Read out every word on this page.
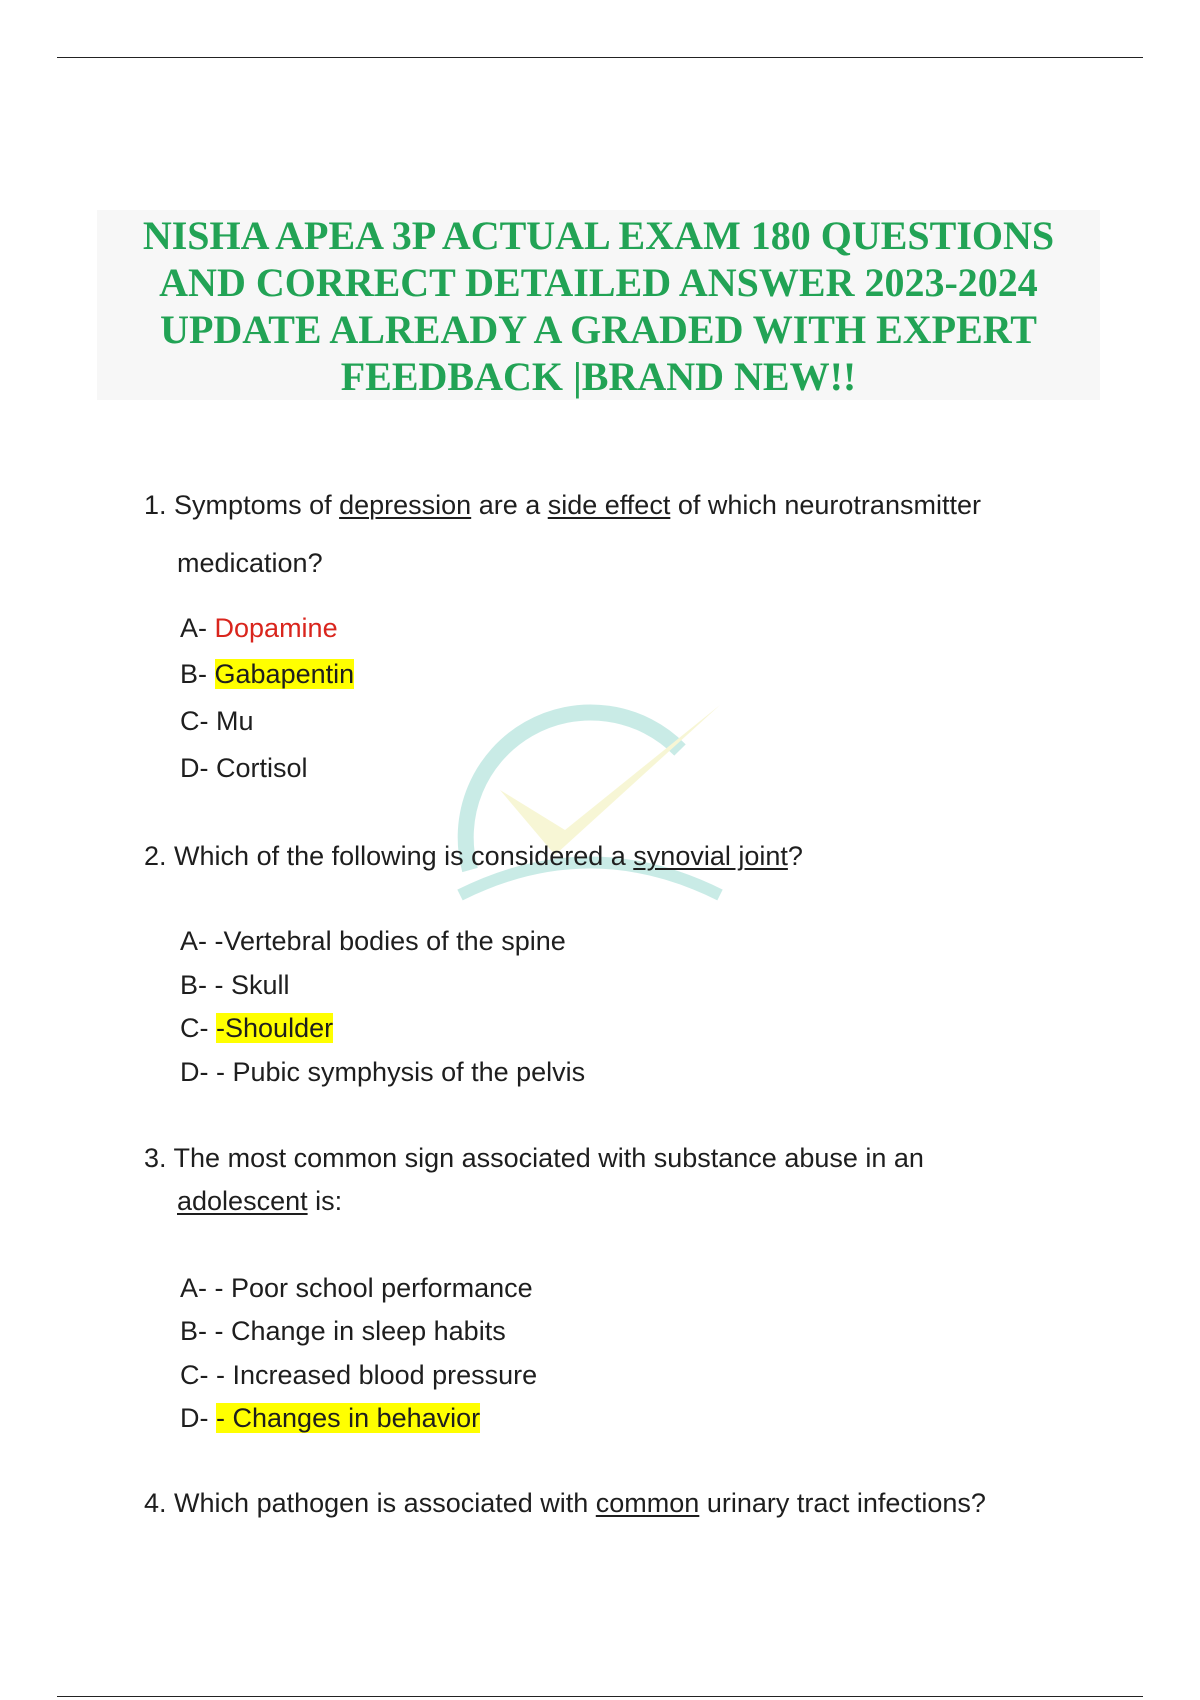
NISHA APEA 3P ACTUAL EXAM 180 QUESTIONS
AND CORRECT DETAILED ANSWER 2023-2024
UPDATE ALREADY A GRADED WITH EXPERT
FEEDBACK |BRAND NEW!!
1. Symptoms of depression are a side effect of which neurotransmitter
medication?
A- Dopamine
B- Gabapentin
C- Mu
D- Cortisol
2. Which of the following is considered a synovial joint?
A- -Vertebral bodies of the spine
B- - Skull
C- -Shoulder
D- - Pubic symphysis of the pelvis
3. The most common sign associated with substance abuse in an
adolescent is:
A- - Poor school performance
B- - Change in sleep habits
C- - Increased blood pressure
D- - Changes in behavior
4. Which pathogen is associated with common urinary tract infections?
